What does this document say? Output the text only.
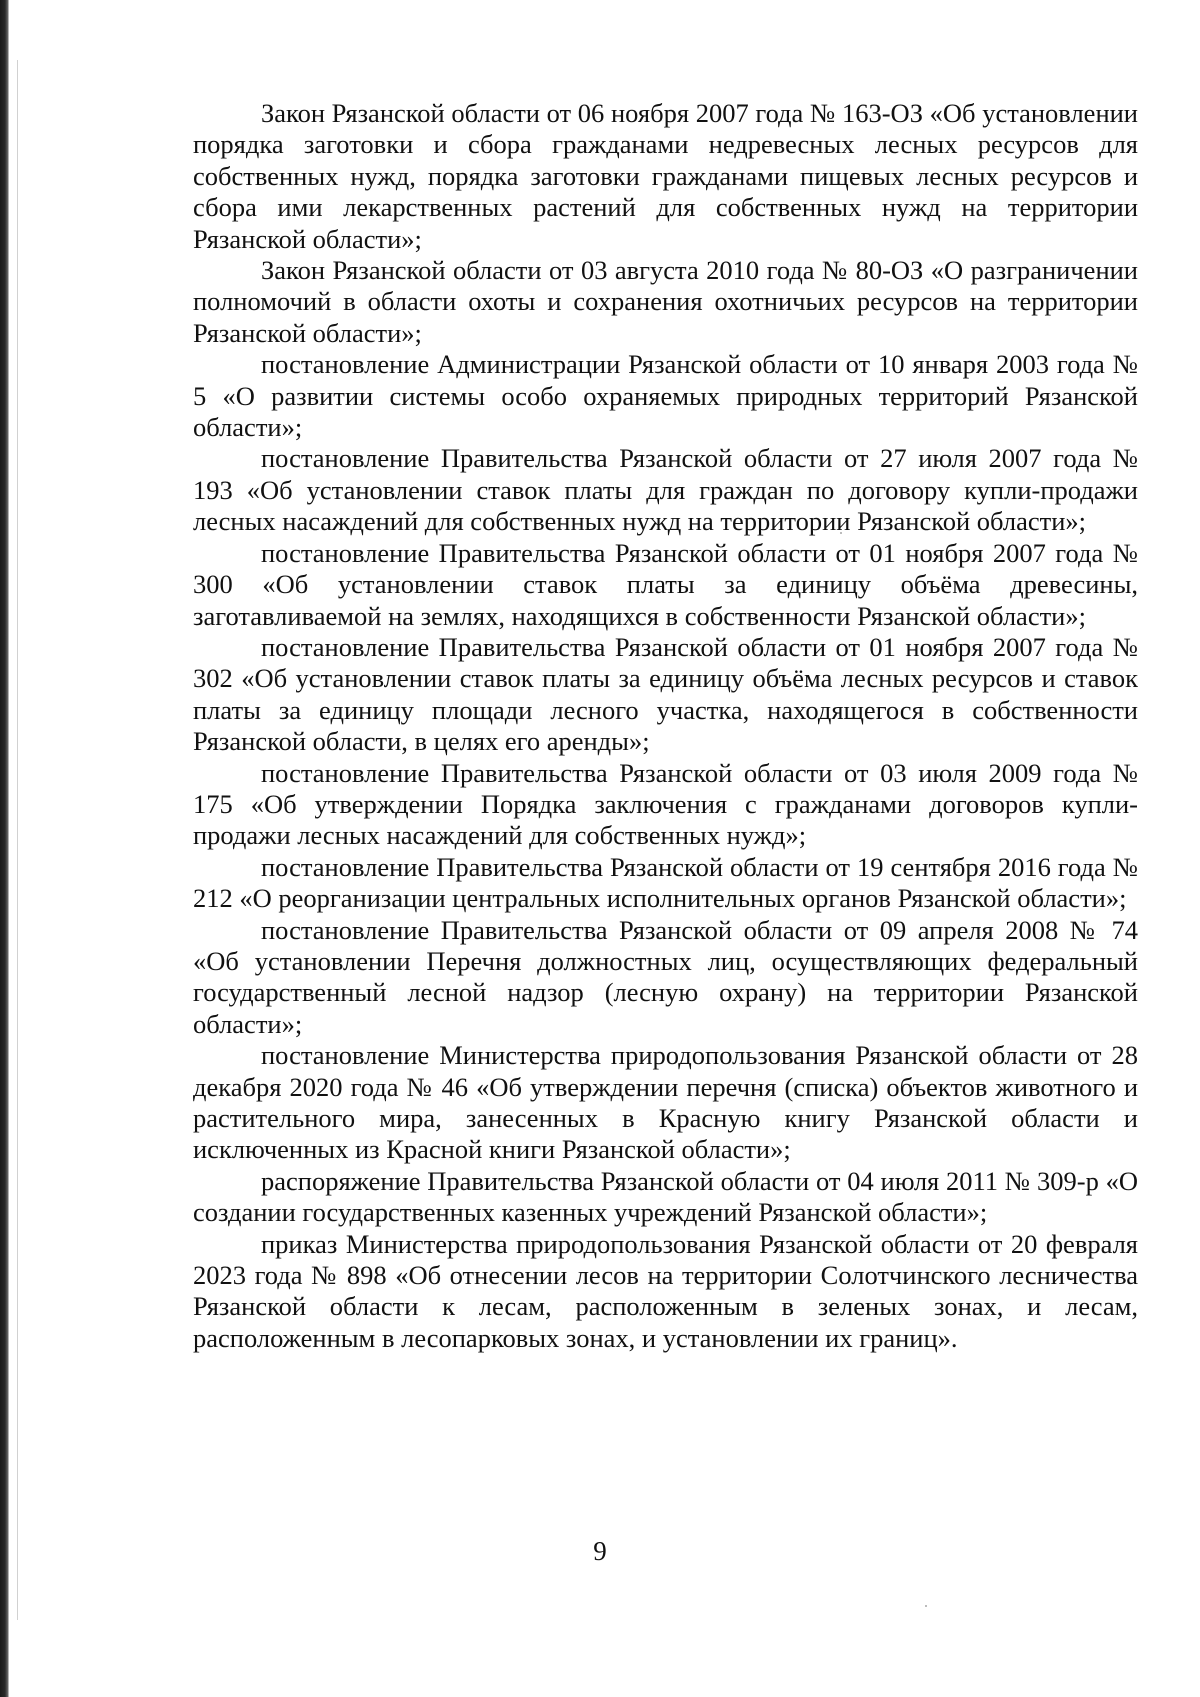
Закон Рязанской области от 06 ноября 2007 года № 163-ОЗ «Об установлении порядка заготовки и сбора гражданами недревесных лесных ресурсов для собственных нужд, порядка заготовки гражданами пищевых лесных ресурсов и сбора ими лекарственных растений для собственных нужд на территории Рязанской области»;

Закон Рязанской области от 03 августа 2010 года № 80-ОЗ «О разграничении полномочий в области охоты и сохранения охотничьих ресурсов на территории Рязанской области»;

постановление Администрации Рязанской области от 10 января 2003 года № 5 «О развитии системы особо охраняемых природных территорий Рязанской области»;

постановление Правительства Рязанской области от 27 июля 2007 года № 193 «Об установлении ставок платы для граждан по договору купли-продажи лесных насаждений для собственных нужд на территории Рязанской области»;

постановление Правительства Рязанской области от 01 ноября 2007 года № 300 «Об установлении ставок платы за единицу объёма древесины, заготавливаемой на землях, находящихся в собственности Рязанской области»;

постановление Правительства Рязанской области от 01 ноября 2007 года № 302 «Об установлении ставок платы за единицу объёма лесных ресурсов и ставок платы за единицу площади лесного участка, находящегося в собственности Рязанской области, в целях его аренды»;

постановление Правительства Рязанской области от 03 июля 2009 года № 175 «Об утверждении Порядка заключения с гражданами договоров купли-продажи лесных насаждений для собственных нужд»;

постановление Правительства Рязанской области от 19 сентября 2016 года № 212 «О реорганизации центральных исполнительных органов Рязанской области»;

постановление Правительства Рязанской области от 09 апреля 2008 № 74 «Об установлении Перечня должностных лиц, осуществляющих федеральный государственный лесной надзор (лесную охрану) на территории Рязанской области»;

постановление Министерства природопользования Рязанской области от 28 декабря 2020 года № 46 «Об утверждении перечня (списка) объектов животного и растительного мира, занесенных в Красную книгу Рязанской области и исключенных из Красной книги Рязанской области»;

распоряжение Правительства Рязанской области от 04 июля 2011 № 309-р «О создании государственных казенных учреждений Рязанской области»;

приказ Министерства природопользования Рязанской области от 20 февраля 2023 года № 898 «Об отнесении лесов на территории Солотчинского лесничества Рязанской области к лесам, расположенным в зеленых зонах, и лесам, расположенным в лесопарковых зонах, и установлении их границ».

9
